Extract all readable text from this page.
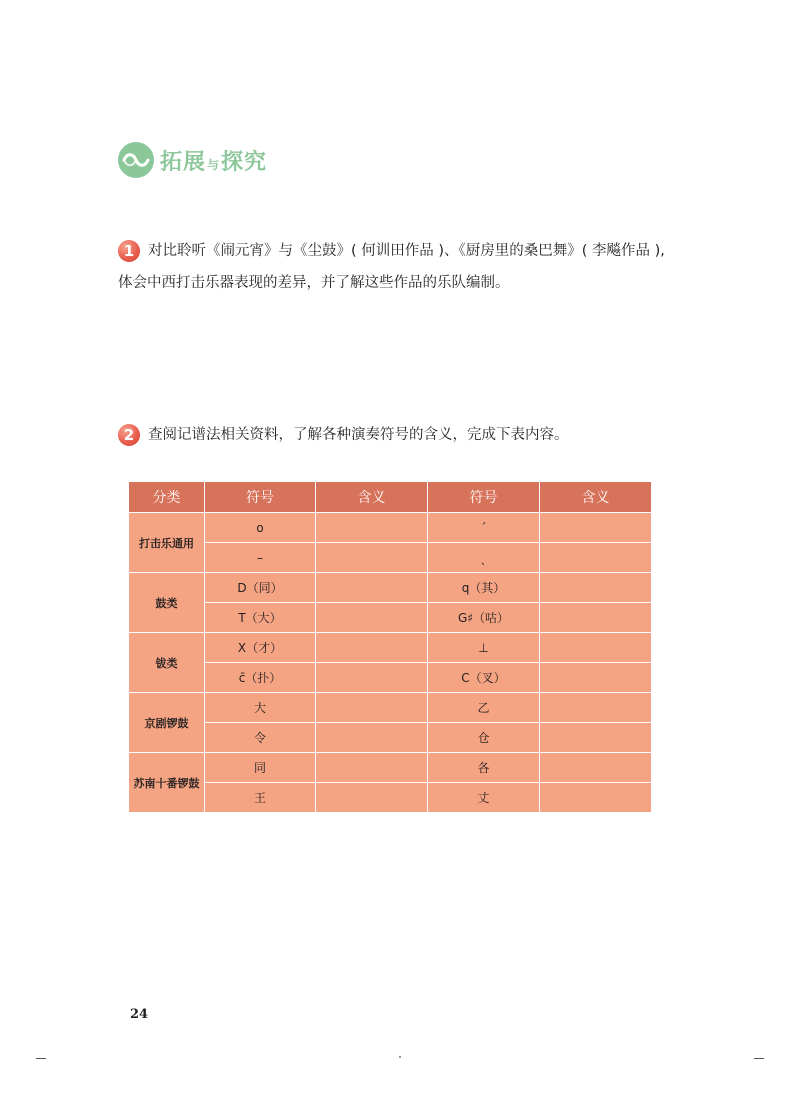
拓展 与 探究
1 对比聆听《闹元宵》与《尘鼓》( 何训田作品 )、《厨房里的桑巴舞》( 李飚作品 ),
体会中西打击乐器表现的差异，并了解这些作品的乐队编制。
2 查阅记谱法相关资料，了解各种演奏符号的含义，完成下表内容。
分类	符号	含义	符号	含义
打击乐通用	o		ˊ	
	–		ˎ	
鼓类	D（同）		q（其）	
	T（大）		G♯（咕）	
钹类	X（才）		⊥	
	c̄（扑）		C（叉）	
京剧锣鼓	大		乙	
	令		仓	
苏南十番锣鼓	同		各	
	王		丈	
24
